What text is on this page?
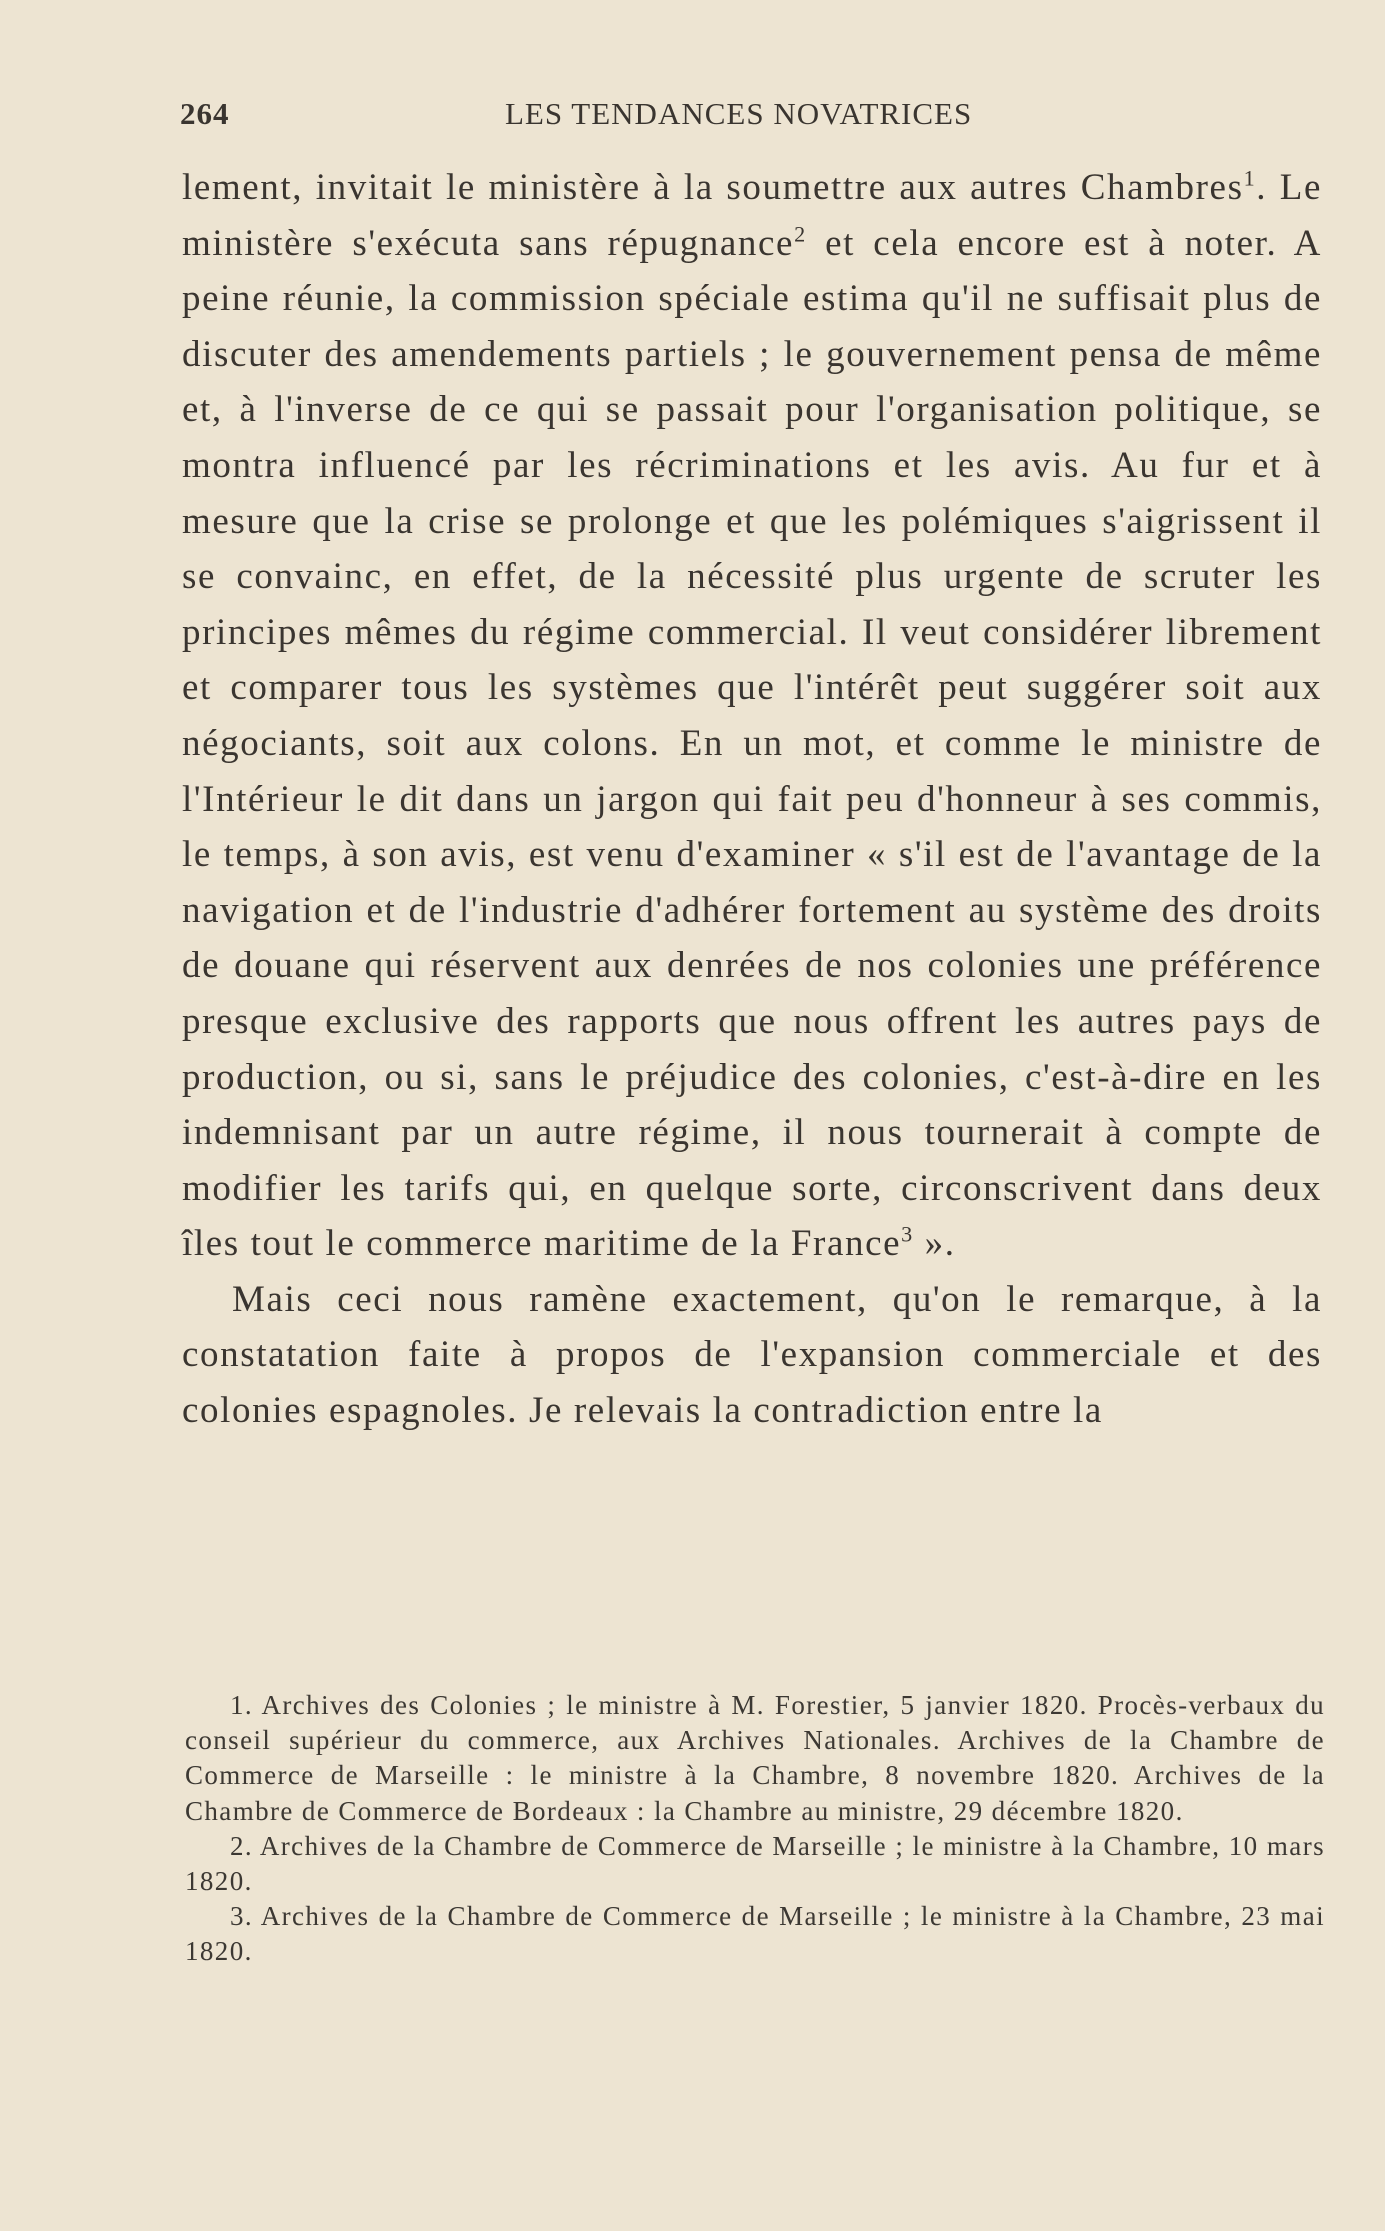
264	LES TENDANCES NOVATRICES

lement, invitait le ministère à la soumettre aux autres Chambres$^1$. Le ministère s'exécuta sans répugnance$^2$ et cela encore est à noter. A peine réunie, la commission spéciale estima qu'il ne suffisait plus de discuter des amendements partiels ; le gouvernement pensa de même et, à l'inverse de ce qui se passait pour l'organisation politique, se montra influencé par les récriminations et les avis. Au fur et à mesure que la crise se prolonge et que les polémiques s'aigrissent il se convainc, en effet, de la nécessité plus urgente de scruter les principes mêmes du régime commercial. Il veut considérer librement et comparer tous les systèmes que l'intérêt peut suggérer soit aux négociants, soit aux colons. En un mot, et comme le ministre de l'Intérieur le dit dans un jargon qui fait peu d'honneur à ses commis, le temps, à son avis, est venu d'examiner « s'il est de l'avantage de la navigation et de l'industrie d'adhérer fortement au système des droits de douane qui réservent aux denrées de nos colonies une préférence presque exclusive des rapports que nous offrent les autres pays de production, ou si, sans le préjudice des colonies, c'est-à-dire en les indemnisant par un autre régime, il nous tournerait à compte de modifier les tarifs qui, en quelque sorte, circonscrivent dans deux îles tout le commerce maritime de la France$^3$ ».

Mais ceci nous ramène exactement, qu'on le remarque, à la constatation faite à propos de l'expansion commerciale et des colonies espagnoles. Je relevais la contradiction entre la

1. Archives des Colonies ; le ministre à M. Forestier, 5 janvier 1820. Procès-verbaux du conseil supérieur du commerce, aux Archives Nationales. Archives de la Chambre de Commerce de Marseille : le ministre à la Chambre, 8 novembre 1820. Archives de la Chambre de Commerce de Bordeaux : la Chambre au ministre, 29 décembre 1820.

2. Archives de la Chambre de Commerce de Marseille ; le ministre à la Chambre, 10 mars 1820.

3. Archives de la Chambre de Commerce de Marseille ; le ministre à la Chambre, 23 mai 1820.
